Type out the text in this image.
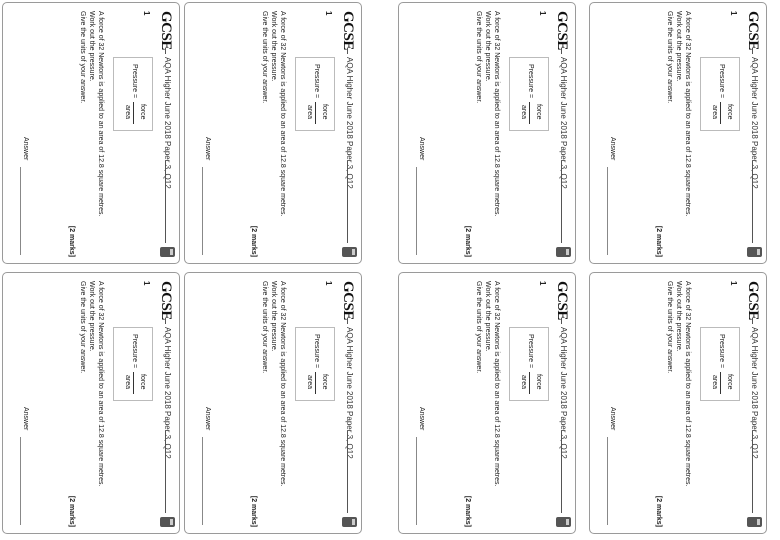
GCSE
AQA Higher June 2018 Paper 3, Q12
1
Pressure =
force
area
A force of 32 Newtons is applied to an area of 12.8 square metres.
Work out the pressure.
Give the units of your answer.
[2 marks]
Answer
GCSE
AQA Higher June 2018 Paper 3, Q12
1
Pressure =
force
area
A force of 32 Newtons is applied to an area of 12.8 square metres.
Work out the pressure.
Give the units of your answer.
[2 marks]
Answer
GCSE
AQA Higher June 2018 Paper 3, Q12
1
Pressure =
force
area
A force of 32 Newtons is applied to an area of 12.8 square metres.
Work out the pressure.
Give the units of your answer.
[2 marks]
Answer
GCSE
AQA Higher June 2018 Paper 3, Q12
1
Pressure =
force
area
A force of 32 Newtons is applied to an area of 12.8 square metres.
Work out the pressure.
Give the units of your answer.
[2 marks]
Answer
GCSE
AQA Higher June 2018 Paper 3, Q12
1
Pressure =
force
area
A force of 32 Newtons is applied to an area of 12.8 square metres.
Work out the pressure.
Give the units of your answer.
[2 marks]
Answer
GCSE
AQA Higher June 2018 Paper 3, Q12
1
Pressure =
force
area
A force of 32 Newtons is applied to an area of 12.8 square metres.
Work out the pressure.
Give the units of your answer.
[2 marks]
Answer
GCSE
AQA Higher June 2018 Paper 3, Q12
1
Pressure =
force
area
A force of 32 Newtons is applied to an area of 12.8 square metres.
Work out the pressure.
Give the units of your answer.
[2 marks]
Answer
GCSE
AQA Higher June 2018 Paper 3, Q12
1
Pressure =
force
area
A force of 32 Newtons is applied to an area of 12.8 square metres.
Work out the pressure.
Give the units of your answer.
[2 marks]
Answer
